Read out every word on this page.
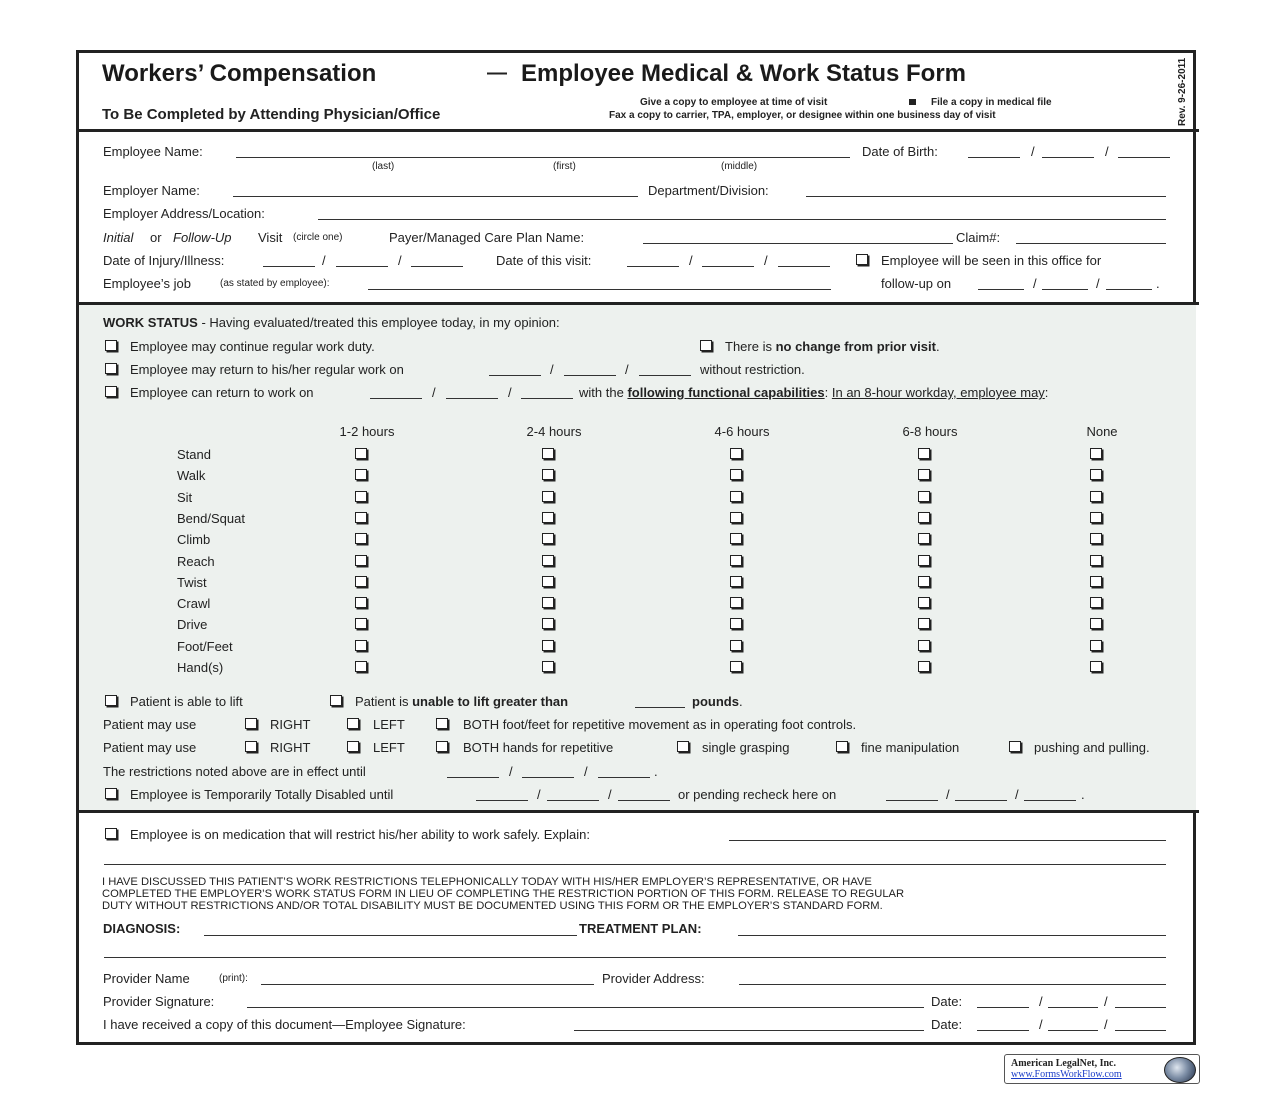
Workers’ Compensation	— Employee Medical & Work Status Form
To Be Completed by Attending Physician/Office
Give a copy to employee at time of visit	File a copy in medical file
Fax a copy to carrier, TPA, employer, or designee within one business day of visit	Rev. 9-26-2011
Employee Name:
(last)	(first)	(middle)
Date of Birth:	/	/
Employer Name:	Department/Division:
Employer Address/Location:
Initial or Follow-Up Visit (circle one)	Payer/Managed Care Plan Name:	Claim#:
Date of Injury/Illness:	/	/	Date of this visit:	/	/	Employee will be seen in this office for
Employee’s job	(as stated by employee):	follow-up on	/	/	.
WORK STATUS - Having evaluated/treated this employee today, in my opinion:
Employee may continue regular work duty.	There is no change from prior visit.
Employee may return to his/her regular work on	/	/	without restriction.
Employee can return to work on	/	/	with the following functional capabilities: In an 8-hour workday, employee may:
1-2 hours	2-4 hours	4-6 hours	6-8 hours	None
Stand
Walk
Sit
Bend/Squat
Climb
Reach
Twist
Crawl
Drive
Foot/Feet
Hand(s)
Patient is able to lift	Patient is unable to lift greater than	pounds.
Patient may use	RIGHT	LEFT	BOTH foot/feet for repetitive movement as in operating foot controls.
Patient may use	RIGHT	LEFT	BOTH hands for repetitive	single grasping	fine manipulation	pushing and pulling.
The restrictions noted above are in effect until	/	/	.
Employee is Temporarily Totally Disabled until	/	/	or pending recheck here on	/	/	.
Employee is on medication that will restrict his/her ability to work safely. Explain:
I HAVE DISCUSSED THIS PATIENT’S WORK RESTRICTIONS TELEPHONICALLY TODAY WITH HIS/HER EMPLOYER’S REPRESENTATIVE, OR HAVE
COMPLETED THE EMPLOYER’S WORK STATUS FORM IN LIEU OF COMPLETING THE RESTRICTION PORTION OF THIS FORM. RELEASE TO REGULAR
DUTY WITHOUT RESTRICTIONS AND/OR TOTAL DISABILITY MUST BE DOCUMENTED USING THIS FORM OR THE EMPLOYER’S STANDARD FORM.
DIAGNOSIS:	TREATMENT PLAN:
Provider Name	(print):	Provider Address:
Provider Signature:	Date:	/	/
I have received a copy of this document—Employee Signature:	Date:	/	/
American LegalNet, Inc.
www.FormsWorkFlow.com
